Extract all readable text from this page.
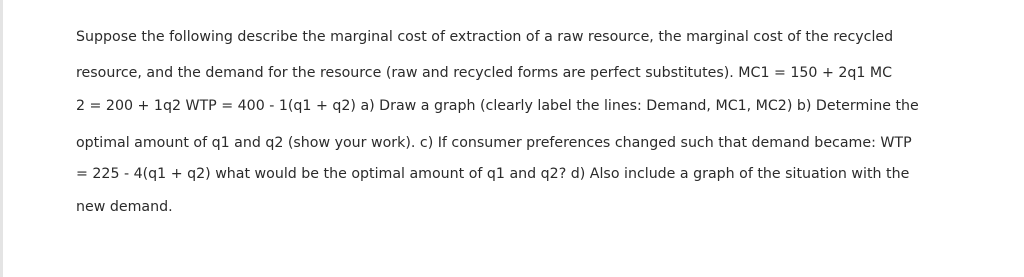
Suppose the following describe the marginal cost of extraction of a raw resource, the marginal cost of the recycled
resource, and the demand for the resource (raw and recycled forms are perfect substitutes). MC1 = 150 + 2q1 MC
2 = 200 + 1q2 WTP = 400 - 1(q1 + q2) a) Draw a graph (clearly label the lines: Demand, MC1, MC2) b) Determine the
optimal amount of q1 and q2 (show your work). c) If consumer preferences changed such that demand became: WTP
= 225 - 4(q1 + q2) what would be the optimal amount of q1 and q2? d) Also include a graph of the situation with the
new demand.
